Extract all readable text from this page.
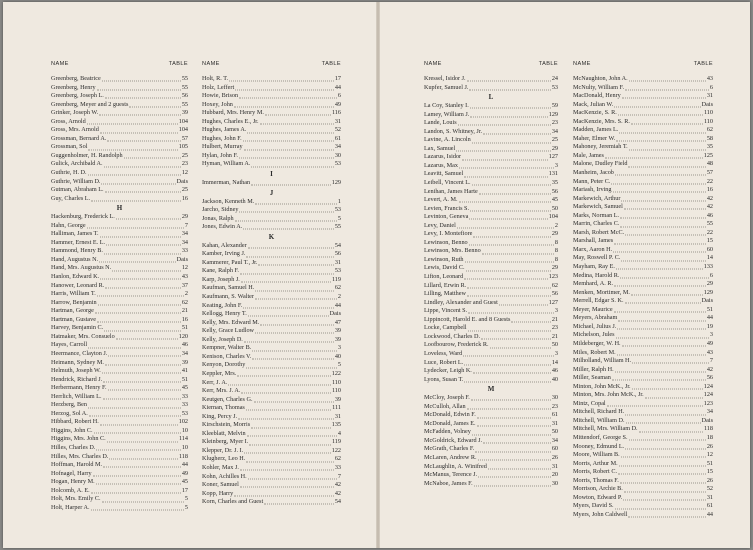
NAME	TABLE
Greenberg, Beatrice	55
Greenberg, Henry	55
Greenberg, Joseph L.	56
Greenberg, Meyer and 2 guests	55
Grinker, Joseph W.	39
Gross, Arnold	104
Gross, Mrs. Arnold	104
Grossman, Bernard A.	57
Grossman, Sol	105
Guggenholmer, H. Randolph	25
Gulick, Archibald A.	23
Guthrie, H. D.	12
Guthrie, William D.	Dais
Gutman, Abraham L.	25
Guy, Charles L.	16
H
Hackenburg, Frederick L.	29
Hahn, George	7
Halliman, James T.	34
Hammer, Ernest E. L.	34
Hammond, Henry B.	33
Hand, Augustus N.	Dais
Hand, Mrs. Augustus N.	12
Hanlon, Edward K.	43
Hanower, Leonard R.	37
Harris, William T.	2
Harrow, Benjamin	62
Hartman, George	21
Hartman, Gustave	16
Harvey, Benjamin C.	51
Hatmaker, Mrs. Consuelo	120
Hayes, Carroll	46
Heermance, Clayton J.	34
Heimann, Sydney M.	39
Helmuth, Joseph W.	41
Hendrick, Richard J.	51
Herbermann, Henry F.	45
Herrlich, William L.	33
Herzberg, Ben	33
Herzog, Sol A.	53
Hibbard, Robert H.	102
Higgins, John C.	10
Higgins, Mrs. John C.	114
Hilles, Charles D.	10
Hilles, Mrs. Charles D.	118
Hoffman, Harold M.	44
Hofnagel, Harry	49
Hogan, Henry M.	45
Holcomb, A. E.	17
Holt, Mrs. Emily C.	5
Holt, Harper A.	5
NAME	TABLE
Holt, R. T.	17
Holz, Leffert	44
Howie, Brison	6
Hoxey, John	49
Hubbard, Mrs. Henry M.	116
Hughes, Charles E., Jr.	31
Hughes, James A.	52
Hughes, John F.	61
Hulbert, Murray	34
Hylan, John F.	30
Hyman, William A.	53
I
Immerman, Nathan	129
J
Jackson, Kenneth M.	1
Jarcho, Sidney	53
Jonas, Ralph	5
Jones, Edwin A.	55
K
Kahan, Alexander	54
Kamber, Irving J.	56
Kammerer, Paul T., Jr.	31
Kane, Ralph F.	53
Karp, Joseph J.	119
Kaufman, Samuel H.	62
Kaufmann, S. Walter	2
Keating, John F.	44
Kellogg, Henry T.	Dais
Kelly, Mrs. Edward M.	47
Kelly, Grace Ludlow	39
Kelly, Joseph D.	39
Kempner, Walter B.	3
Kenison, Charles V.	40
Kenyon, Dorothy	5
Keppler, Mrs.	122
Kerr, J. A.	110
Kerr, Mrs. J. A.	110
Keutgen, Charles G.	39
Kiernan, Thomas	111
King, Percy J.	31
Kirschstein, Morris	135
Kleeblatt, Melvin	4
Kleinberg, Myer I.	119
Klepper, Dr. J. I.	122
Klugherz, Leo H.	62
Kohler, Max J.	33
Kohn, Achilles H.	7
Koner, Samuel	42
Kopp, Harry	42
Korn, Charles and Guest	54
NAME	TABLE
Kressel, Isidor J.	24
Kupfer, Samuel J.	53
L
La Coy, Stanley I.	59
Lamey, William J.	129
Lande, Louis	23
Landon, S. Whitney, Jr.	34
Lavine, A. Lincoln	25
Lax, Samuel	29
Lazarus, Isidor	127
Lazarus, Max	3
Leavitt, Samuel	131
Leibell, Vincent L.	35
Lenihan, James Harte	56
Levert, A. M.	45
Levien, Francis S.	50
Levinton, Geneva	104
Levy, Daniel	2
Levy, I. Montefiore	29
Lewinson, Benno	8
Lewinson, Mrs. Benno	8
Lewinson, Ruth	8
Lewis, David C.	29
Lifton, Leonard	123
Lillard, Erwin R.	62
Lilling, Matthew	56
Lindley, Alexander and Guest	127
Lippe, Vincent S.	3
Lippincott, Harold E. and 8 Guests	21
Locke, Campbell	23
Lockwood, Charles D.	21
Loofbourow, Frederick R.	50
Loveless, Ward	3
Luce, Robert L.	14
Lydecker, Leigh K.	46
Lyons, Susan T.	40
M
McCloy, Joseph F.	30
McCulloh, Allan	23
McDonald, Edwin F.	61
McDonald, James E.	31
McFadden, Volney	50
McGoldrick, Edward J.	34
McGrath, Charles F.	60
McLaren, Andrew R.	26
McLaughlin, A. Winifred	31
McManus, Terence J.	20
McNaboe, James F.	30
NAME	TABLE
McNaughton, John A.	43
McNulty, William F.	6
MacDonald, Henry	31
Mack, Julian W.	Dais
MacKenzie, S. R.	110
MacKenzie, Mrs. S. R.	110
Madden, James L.	62
Maher, Elmer W.	58
Mahoney, Jeremiah T.	35
Male, James	125
Malone, Dudley Field	48
Manheim, Jacob	57
Mann, Peter C.	22
Mariash, Irving	16
Markewich, Arthur	42
Markewich, Samuel	42
Marks, Norman L.	46
Marrin, Charles C.	55
Marsh, Robert McC.	22
Marshall, James	15
Marx, Aaron H.	60
May, Roswell P. C.	14
Mayham, Ray E.	133
Medina, Harold R.	6
Memhard, A. R.	29
Menken, Mortimer, M.	129
Merrell, Edgar S. K.	Dais
Meyer, Maurice	51
Meyers, Abraham	44
Michael, Julius J.	19
Michelson, Jules	3
Mildeberger, W. H.	49
Miles, Robert M.	43
Milholland, William H.	7
Miller, Ralph H.	42
Miller, Seaman	56
Minton, John McK., Jr.	124
Minton, Mrs. John McK., Jr.	124
Mintz, Copal	123
Mitchell, Richard H.	34
Mitchell, William D.	Dais
Mitchell, Mrs. William D.	118
Mittendorf, George S.	18
Mooney, Edmund L.	26
Moore, William B.	12
Morris, Arthur M.	51
Morris, Robert C.	15
Morris, Thomas F.	26
Morrison, Archie B.	52
Mowton, Edward P.	31
Myers, David S.	61
Myers, John Caldwell	44
